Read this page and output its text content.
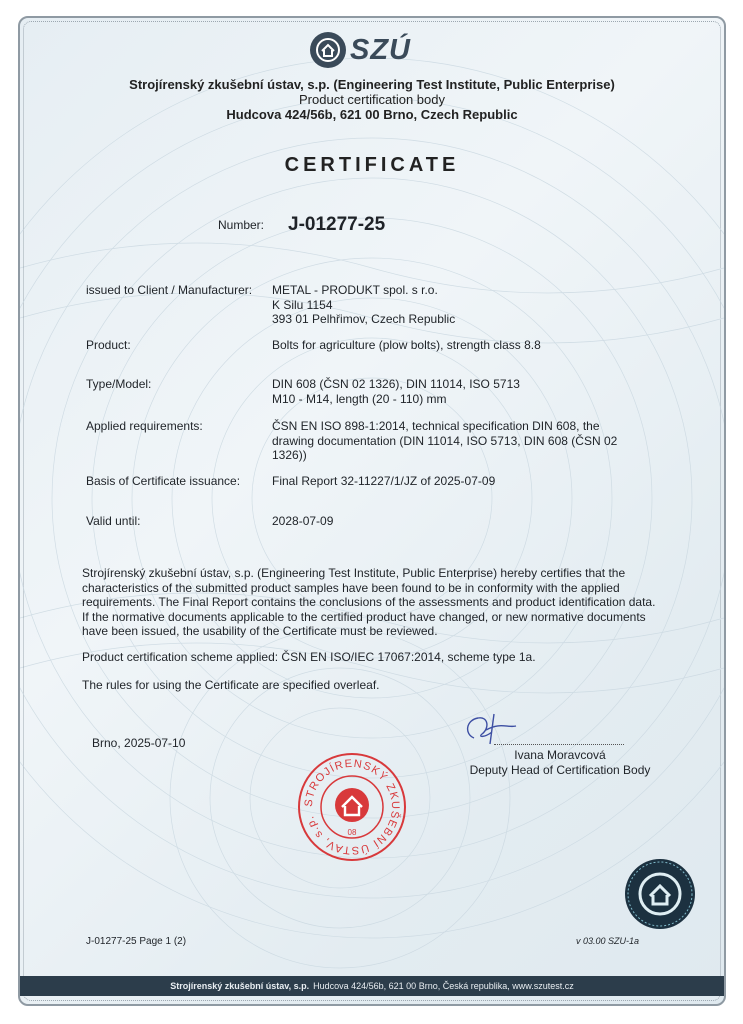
SZÚ
Strojírenský zkušební ústav, s.p. (Engineering Test Institute, Public Enterprise)
Product certification body
Hudcova 424/56b, 621 00 Brno, Czech Republic
CERTIFICATE
Number: J-01277-25
issued to Client / Manufacturer: METAL - PRODUKT spol. s r.o.
K Silu 1154
393 01 Pelhřimov, Czech Republic
Product:	Bolts for agriculture (plow bolts), strength class 8.8
Type/Model:	DIN 608 (ČSN 02 1326), DIN 11014, ISO 5713
M10 - M14, length (20 - 110) mm
Applied requirements:	ČSN EN ISO 898-1:2014, technical specification DIN 608, the
drawing documentation (DIN 11014, ISO 5713, DIN 608 (ČSN 02
1326))
Basis of Certificate issuance:	Final Report 32-11227/1/JZ of 2025-07-09
Valid until:	2028-07-09
Strojírenský zkušební ústav, s.p. (Engineering Test Institute, Public Enterprise) hereby certifies that the characteristics of the submitted product samples have been found to be in conformity with the applied requirements. The Final Report contains the conclusions of the assessments and product identification data. If the normative documents applicable to the certified product have changed, or new normative documents have been issued, the usability of the Certificate must be reviewed.
Product certification scheme applied: ČSN EN ISO/IEC 17067:2014, scheme type 1a.
The rules for using the Certificate are specified overleaf.
Brno, 2025-07-10
Ivana Moravcová
Deputy Head of Certification Body
STROJÍRENSKÝ ZKUŠEBNÍ ÚSTAV, s.p.
08
J-01277-25 Page 1 (2)	v 03.00 SZU-1a
Strojírenský zkušební ústav, s.p. Hudcova 424/56b, 621 00 Brno, Česká republika, www.szutest.cz
